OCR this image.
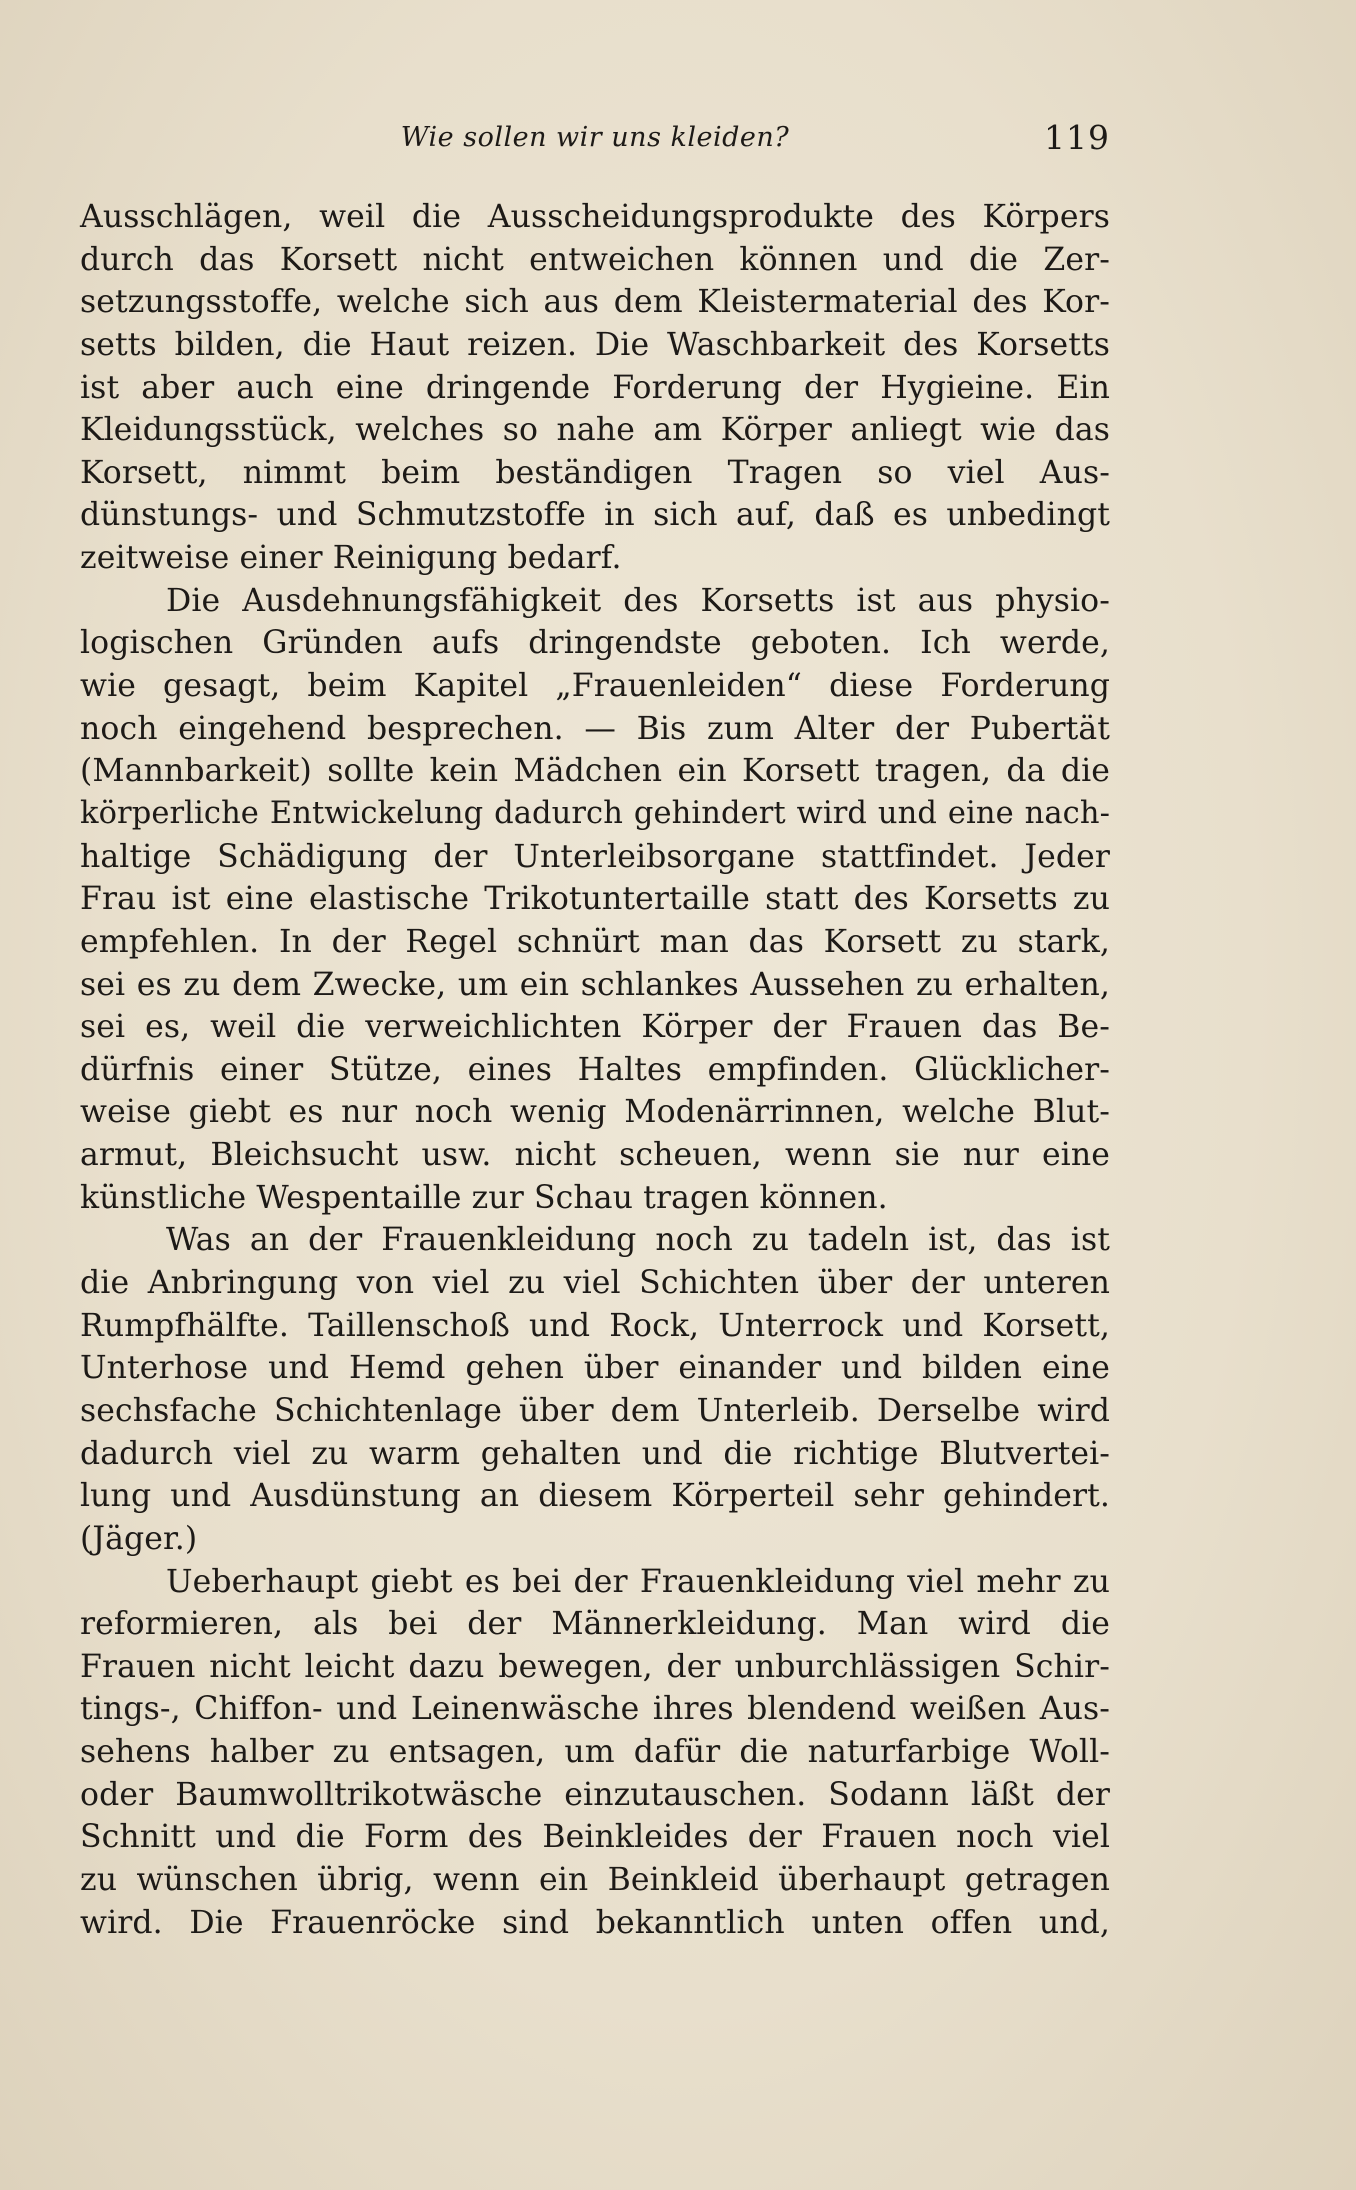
Wie sollen wir uns kleiden?	119
Ausschlägen, weil die Ausscheidungsprodukte des Körpers
durch das Korsett nicht entweichen können und die Zer-
setzungsstoffe, welche sich aus dem Kleistermaterial des Kor-
setts bilden, die Haut reizen. Die Waschbarkeit des Korsetts
ist aber auch eine dringende Forderung der Hygieine. Ein
Kleidungsstück, welches so nahe am Körper anliegt wie das
Korsett, nimmt beim beständigen Tragen so viel Aus-
dünstungs- und Schmutzstoffe in sich auf, daß es unbedingt
zeitweise einer Reinigung bedarf.
Die Ausdehnungsfähigkeit des Korsetts ist aus physio-
logischen Gründen aufs dringendste geboten. Ich werde,
wie gesagt, beim Kapitel „Frauenleiden“ diese Forderung
noch eingehend besprechen. — Bis zum Alter der Pubertät
(Mannbarkeit) sollte kein Mädchen ein Korsett tragen, da die
körperliche Entwickelung dadurch gehindert wird und eine nach-
haltige Schädigung der Unterleibsorgane stattfindet. Jeder
Frau ist eine elastische Trikotuntertaille statt des Korsetts zu
empfehlen. In der Regel schnürt man das Korsett zu stark,
sei es zu dem Zwecke, um ein schlankes Aussehen zu erhalten,
sei es, weil die verweichlichten Körper der Frauen das Be-
dürfnis einer Stütze, eines Haltes empfinden. Glücklicher-
weise giebt es nur noch wenig Modenärrinnen, welche Blut-
armut, Bleichsucht usw. nicht scheuen, wenn sie nur eine
künstliche Wespentaille zur Schau tragen können.
Was an der Frauenkleidung noch zu tadeln ist, das ist
die Anbringung von viel zu viel Schichten über der unteren
Rumpfhälfte. Taillenschoß und Rock, Unterrock und Korsett,
Unterhose und Hemd gehen über einander und bilden eine
sechsfache Schichtenlage über dem Unterleib. Derselbe wird
dadurch viel zu warm gehalten und die richtige Blutvertei-
lung und Ausdünstung an diesem Körperteil sehr gehindert.
(Jäger.)
Ueberhaupt giebt es bei der Frauenkleidung viel mehr zu
reformieren, als bei der Männerkleidung. Man wird die
Frauen nicht leicht dazu bewegen, der unburchlässigen Schir-
tings-, Chiffon- und Leinenwäsche ihres blendend weißen Aus-
sehens halber zu entsagen, um dafür die naturfarbige Woll-
oder Baumwolltrikotwäsche einzutauschen. Sodann läßt der
Schnitt und die Form des Beinkleides der Frauen noch viel
zu wünschen übrig, wenn ein Beinkleid überhaupt getragen
wird. Die Frauenröcke sind bekanntlich unten offen und,
